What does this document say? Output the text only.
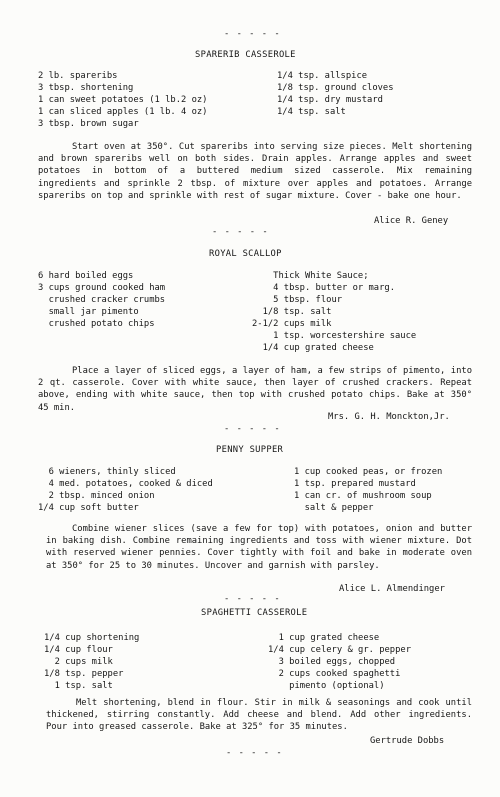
- - - - -
SPARERIB CASSEROLE
2 lb. spareribs
3 tbsp. shortening
1 can sweet potatoes (1 lb.2 oz)
1 can sliced apples (1 lb. 4 oz)
3 tbsp. brown sugar
1/4 tsp. allspice
1/8 tsp. ground cloves
1/4 tsp. dry mustard
1/4 tsp. salt

Start oven at 350°. Cut spareribs into serving size pieces. Melt shortening and brown spareribs well on both sides. Drain apples. Arrange apples and sweet potatoes in bottom of a buttered medium sized casserole. Mix remaining ingredients and sprinkle 2 tbsp. of mixture over apples and potatoes. Arrange spareribs on top and sprinkle with rest of sugar mixture. Cover - bake one hour.

Alice R. Geney
- - - - -
ROYAL SCALLOP
6 hard boiled eggs
3 cups ground cooked ham
crushed cracker crumbs
small jar pimento
crushed potato chips
Thick White Sauce;
4 tbsp. butter or marg.
5 tbsp. flour
1/8 tsp. salt
2-1/2 cups milk
1 tsp. worcestershire sauce
1/4 cup grated cheese

Place a layer of sliced eggs, a layer of ham, a few strips of pimento, into 2 qt. casserole. Cover with white sauce, then layer of crushed crackers. Repeat above, ending with white sauce, then top with crushed potato chips. Bake at 350° 45 min.

Mrs. G. H. Monckton,Jr.
- - - - -
PENNY SUPPER
6 wieners, thinly sliced
4 med. potatoes, cooked & diced
2 tbsp. minced onion
1/4 cup soft butter
1 cup cooked peas, or frozen
1 tsp. prepared mustard
1 can cr. of mushroom soup
salt & pepper

Combine wiener slices (save a few for top) with potatoes, onion and butter in baking dish. Combine remaining ingredients and toss with wiener mixture. Dot with reserved wiener pennies. Cover tightly with foil and bake in moderate oven at 350° for 25 to 30 minutes. Uncover and garnish with parsley.

Alice L. Almendinger
- - - - -
SPAGHETTI CASSEROLE
1/4 cup shortening
1/4 cup flour
2 cups milk
1/8 tsp. pepper
1 tsp. salt
1 cup grated cheese
1/4 cup celery & gr. pepper
3 boiled eggs, chopped
2 cups cooked spaghetti
pimento (optional)

Melt shortening, blend in flour. Stir in milk & seasonings and cook until thickened, stirring constantly. Add cheese and blend. Add other ingredients. Pour into greased casserole. Bake at 325° for 35 minutes.

Gertrude Dobbs
- - - - -
